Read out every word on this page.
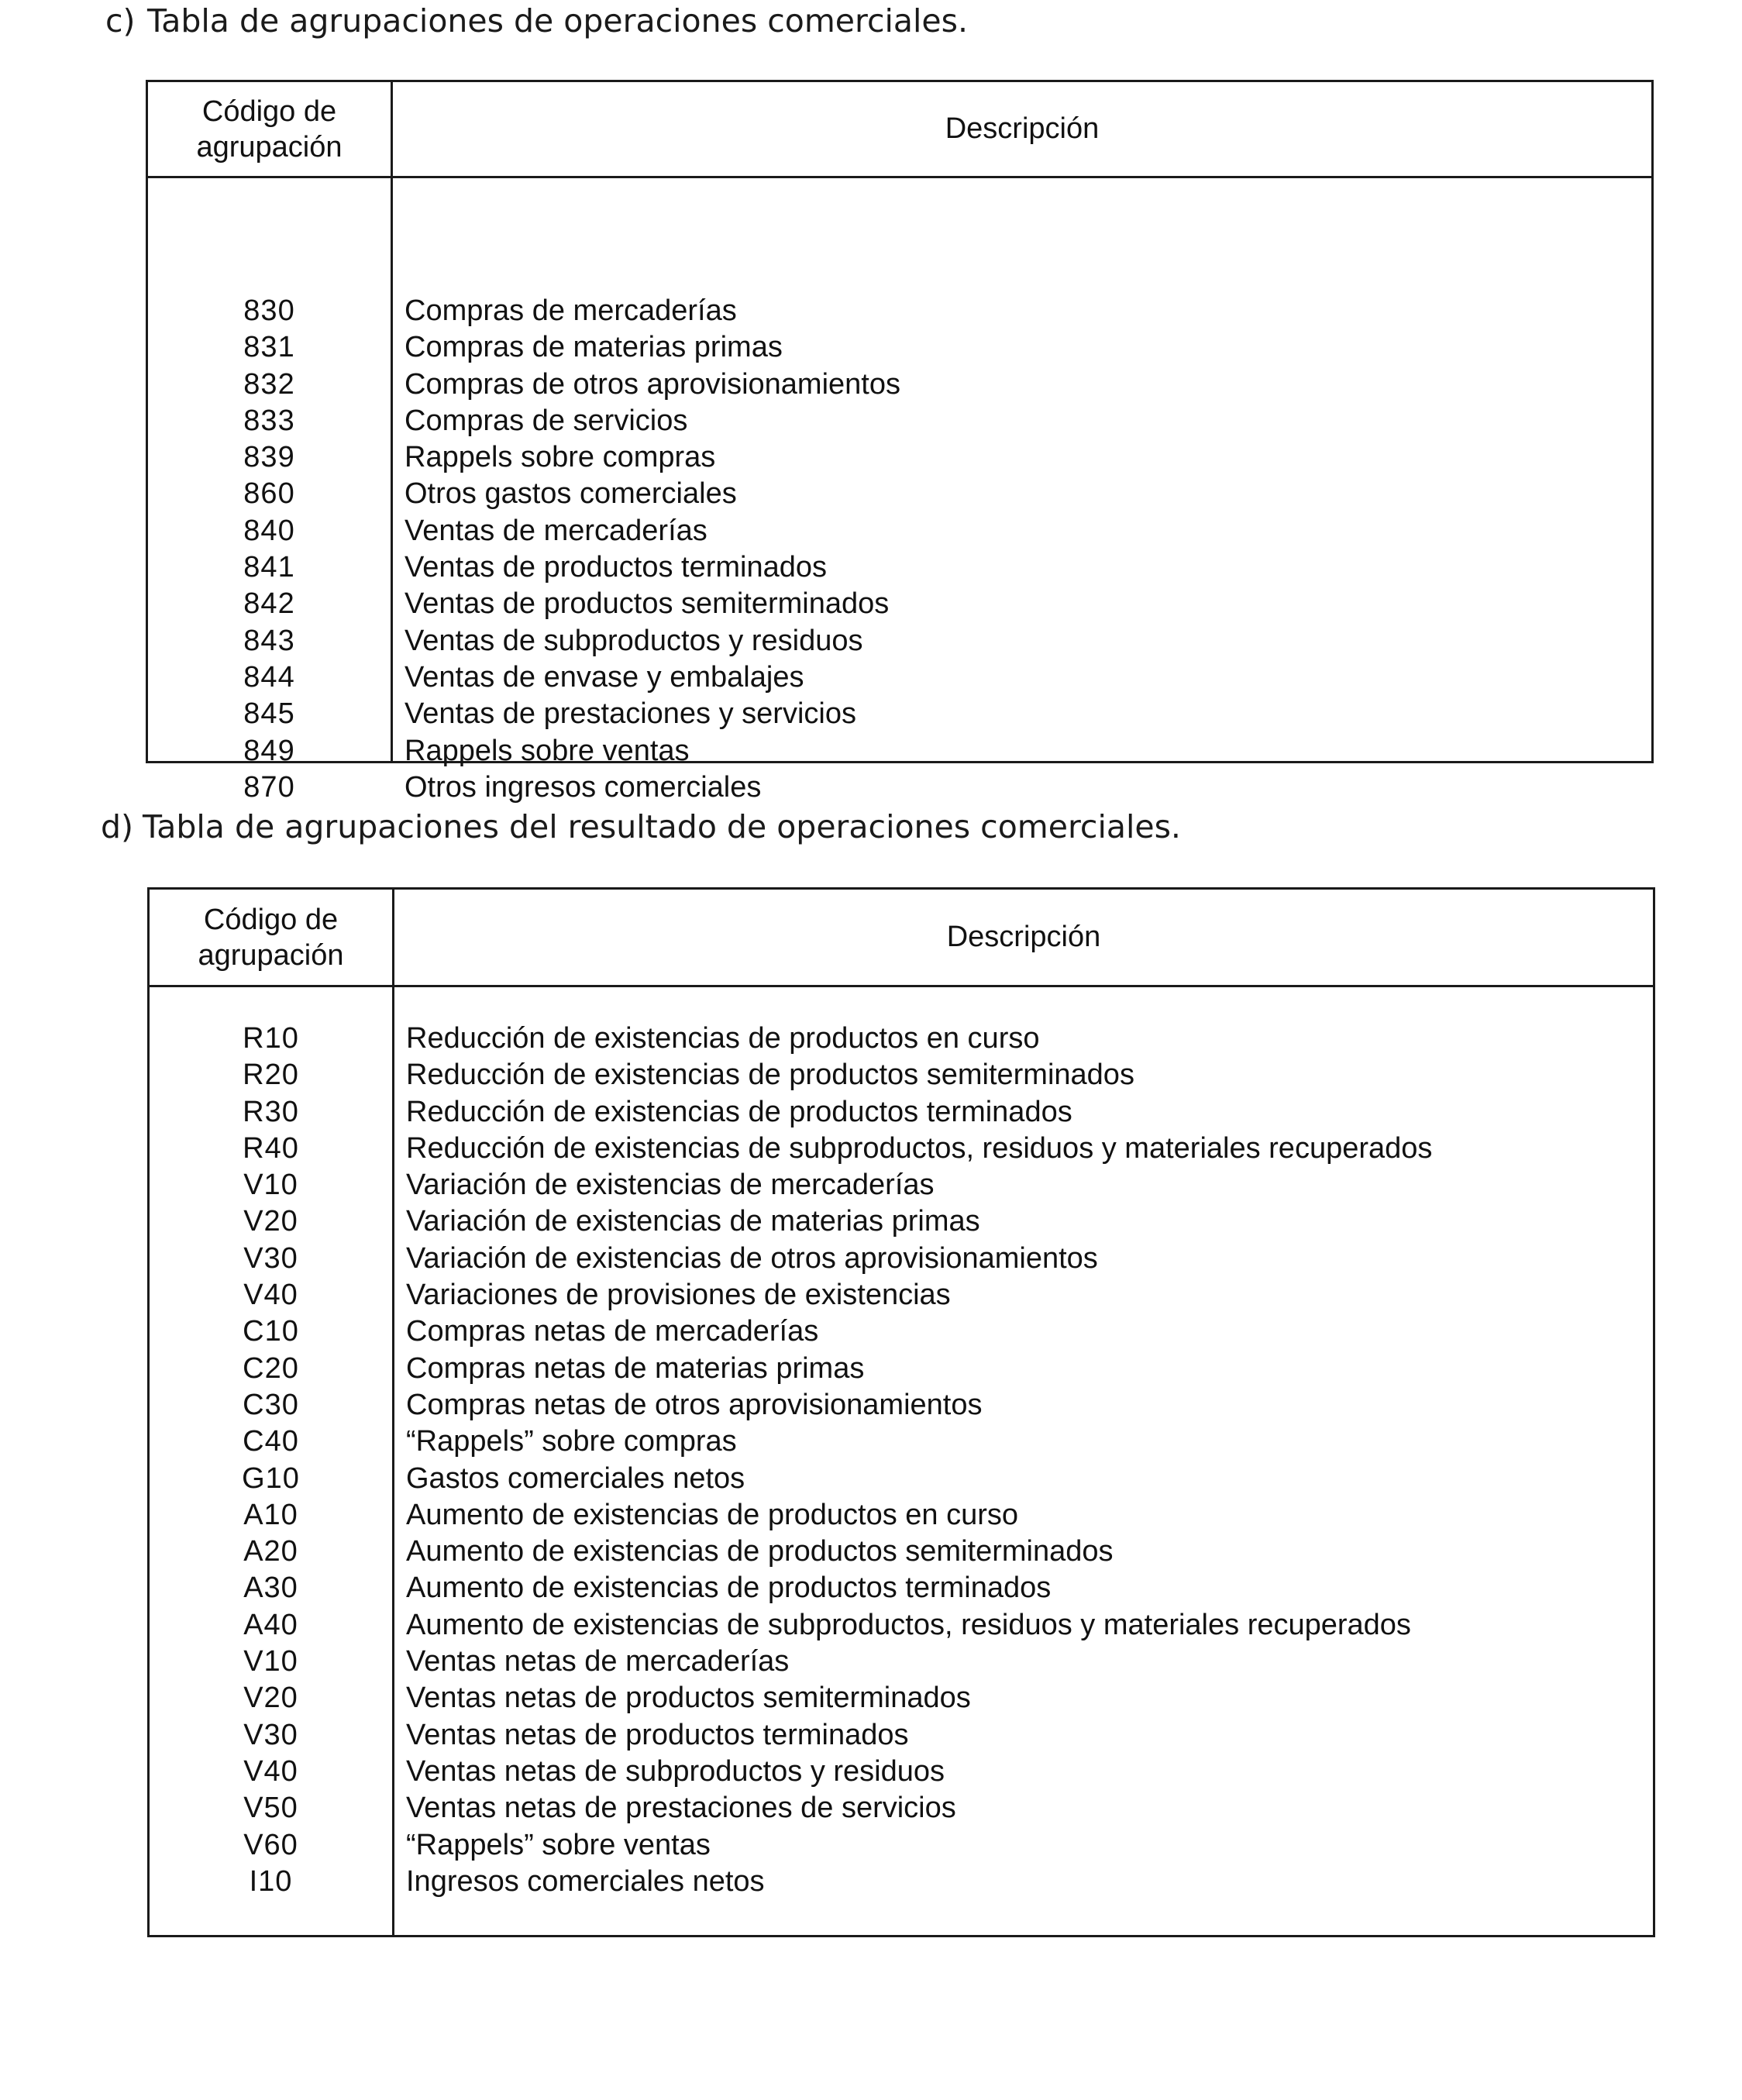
c) Tabla de agrupaciones de operaciones comerciales.
Código de
agrupación
Descripción
830	Compras de mercaderías
831	Compras de materias primas
832	Compras de otros aprovisionamientos
833	Compras de servicios
839	Rappels sobre compras
860	Otros gastos comerciales
840	Ventas de mercaderías
841	Ventas de productos terminados
842	Ventas de productos semiterminados
843	Ventas de subproductos y residuos
844	Ventas de envase y embalajes
845	Ventas de prestaciones y servicios
849	Rappels sobre ventas
870	Otros ingresos comerciales
d) Tabla de agrupaciones del resultado de operaciones comerciales.
Código de
agrupación
Descripción
R10	Reducción de existencias de productos en curso
R20	Reducción de existencias de productos semiterminados
R30	Reducción de existencias de productos terminados
R40	Reducción de existencias de subproductos, residuos y materiales recuperados
V10	Variación de existencias de mercaderías
V20	Variación de existencias de materias primas
V30	Variación de existencias de otros aprovisionamientos
V40	Variaciones de provisiones de existencias
C10	Compras netas de mercaderías
C20	Compras netas de materias primas
C30	Compras netas de otros aprovisionamientos
C40	“Rappels” sobre compras
G10	Gastos comerciales netos
A10	Aumento de existencias de productos en curso
A20	Aumento de existencias de productos semiterminados
A30	Aumento de existencias de productos terminados
A40	Aumento de existencias de subproductos, residuos y materiales recuperados
V10	Ventas netas de mercaderías
V20	Ventas netas de productos semiterminados
V30	Ventas netas de productos terminados
V40	Ventas netas de subproductos y residuos
V50	Ventas netas de prestaciones de servicios
V60	“Rappels” sobre ventas
I10	Ingresos comerciales netos
